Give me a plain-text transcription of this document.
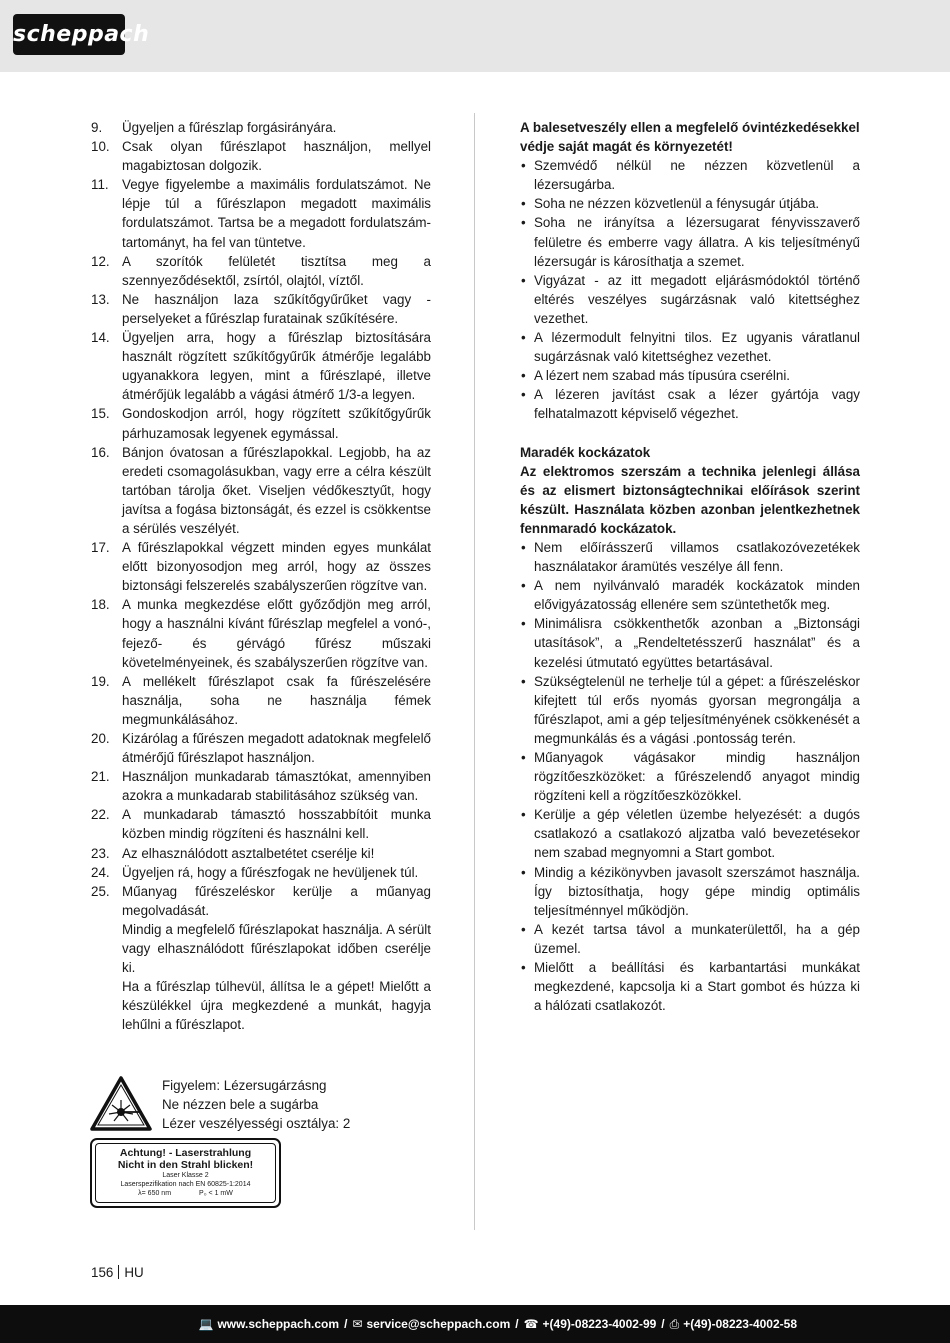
scheppach
9. Ügyeljen a fűrészlap forgásirányára.
10. Csak olyan fűrészlapot használjon, mellyel magabiztosan dolgozik.
11. Vegye figyelembe a maximális fordulatszámot. Ne lépje túl a fűrészlapon megadott maximális fordulatszámot. Tartsa be a megadott fordulatszám-tartományt, ha fel van tüntetve.
12. A szorítók felületét tisztítsa meg a szennyeződésektől, zsírtól, olajtól, víztől.
13. Ne használjon laza szűkítőgyűrűket vagy -perselyeket a fűrészlap furatainak szűkítésére.
14. Ügyeljen arra, hogy a fűrészlap biztosítására használt rögzített szűkítőgyűrűk átmérője legalább ugyanakkora legyen, mint a fűrészlapé, illetve átmérőjük legalább a vágási átmérő 1/3-a legyen.
15. Gondoskodjon arról, hogy rögzített szűkítőgyűrűk párhuzamosak legyenek egymással.
16. Bánjon óvatosan a fűrészlapokkal. Legjobb, ha az eredeti csomagolásukban, vagy erre a célra készült tartóban tárolja őket. Viseljen védőkesztyűt, hogy javítsa a fogása biztonságát, és ezzel is csökkentse a sérülés veszélyét.
17. A fűrészlapokkal végzett minden egyes munkálat előtt bizonyosodjon meg arról, hogy az összes biztonsági felszerelés szabályszerűen rögzítve van.
18. A munka megkezdése előtt győződjön meg arról, hogy a használni kívánt fűrészlap megfelel a vonó-, fejező- és gérvágó fűrész műszaki követelményeinek, és szabályszerűen rögzítve van.
19. A mellékelt fűrészlapot csak fa fűrészelésére használja, soha ne használja fémek megmunkálásához.
20. Kizárólag a fűrészen megadott adatoknak megfelelő átmérőjű fűrészlapot használjon.
21. Használjon munkadarab támasztókat, amennyiben azokra a munkadarab stabilitásához szükség van.
22. A munkadarab támasztó hosszabbítóit munka közben mindig rögzíteni és használni kell.
23. Az elhasználódott asztalbetétet cserélje ki!
24. Ügyeljen rá, hogy a fűrészfogak ne hevüljenek túl.
25. Műanyag fűrészeléskor kerülje a műanyag megolvadását.
Mindig a megfelelő fűrészlapokat használja. A sérült vagy elhasználódott fűrészlapokat időben cserélje ki.
Ha a fűrészlap túlhevül, állítsa le a gépet! Mielőtt a készülékkel újra megkezdené a munkát, hagyja lehűlni a fűrészlapot.
Figyelem: Lézersugárzásng
Ne nézzen bele a sugárba
Lézer veszélyességi osztálya: 2
Achtung! - Laserstrahlung
Nicht in den Strahl blicken!
Laser Klasse 2
Laserspezifikation nach EN 60825-1:2014
λ= 650 nm	P₀ < 1 mW
A balesetveszély ellen a megfelelő óvintézkedésekkel védje saját magát és környezetét!
• Szemvédő nélkül ne nézzen közvetlenül a lézersugárba.
• Soha ne nézzen közvetlenül a fénysugár útjába.
• Soha ne irányítsa a lézersugarat fényvisszaverő felületre és emberre vagy állatra. A kis teljesítményű lézersugár is károsíthatja a szemet.
• Vigyázat - az itt megadott eljárásmódoktól történő eltérés veszélyes sugárzásnak való kitettséghez vezethet.
• A lézermodult felnyitni tilos. Ez ugyanis váratlanul sugárzásnak való kitettséghez vezethet.
• A lézert nem szabad más típusúra cserélni.
• A lézeren javítást csak a lézer gyártója vagy felhatalmazott képviselő végezhet.
Maradék kockázatok
Az elektromos szerszám a technika jelenlegi állása és az elismert biztonságtechnikai előírások szerint készült. Használata közben azonban jelentkezhetnek fennmaradó kockázatok.
• Nem előírásszerű villamos csatlakozóvezetékek használatakor áramütés veszélye áll fenn.
• A nem nyilvánvaló maradék kockázatok minden elővigyázatosság ellenére sem szüntethetők meg.
• Minimálisra csökkenthetők azonban a „Biztonsági utasítások”, a „Rendeltetésszerű használat” és a kezelési útmutató együttes betartásával.
• Szükségtelenül ne terhelje túl a gépet: a fűrészeléskor kifejtett túl erős nyomás gyorsan megrongálja a fűrészlapot, ami a gép teljesítményének csökkenését a megmunkálás és a vágási .pontosság terén.
• Műanyagok vágásakor mindig használjon rögzítőeszközöket: a fűrészelendő anyagot mindig rögzíteni kell a rögzítőeszközökkel.
• Kerülje a gép véletlen üzembe helyezését: a dugós csatlakozó a csatlakozó aljzatba való bevezetésekor nem szabad megnyomni a Start gombot.
• Mindig a kézikönyvben javasolt szerszámot használja. Így biztosíthatja, hogy gépe mindig optimális teljesítménnyel működjön.
• A kezét tartsa távol a munkaterülettől, ha a gép üzemel.
• Mielőtt a beállítási és karbantartási munkákat megkezdené, kapcsolja ki a Start gombot és húzza ki a hálózati csatlakozót.
156 HU
💻 www.scheppach.com / ✉ service@scheppach.com / ☎ +(49)-08223-4002-99 / ⎙ +(49)-08223-4002-58
